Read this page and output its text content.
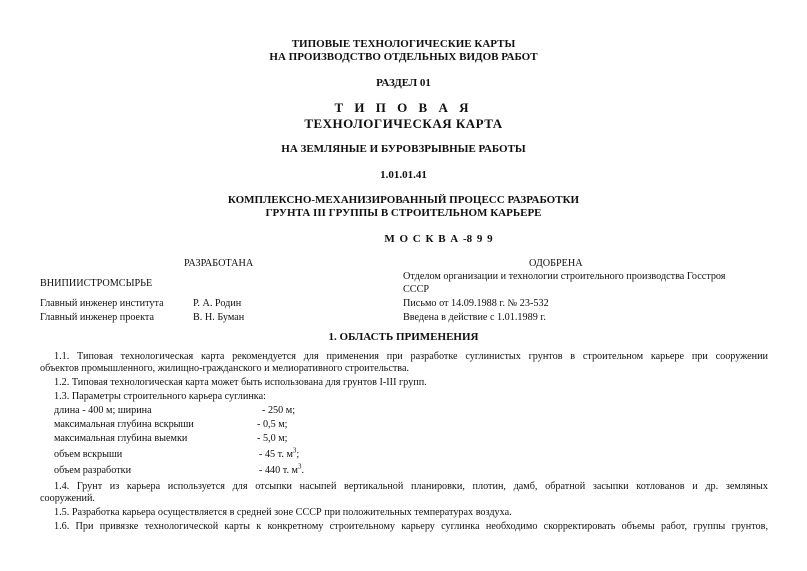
ТИПОВЫЕ ТЕХНОЛОГИЧЕСКИЕ КАРТЫ
НА ПРОИЗВОДСТВО ОТДЕЛЬНЫХ ВИДОВ РАБОТ
РАЗДЕЛ 01
Т И П О В А Я
ТЕХНОЛОГИЧЕСКАЯ КАРТА
НА ЗЕМЛЯНЫЕ И БУРОВЗРЫВНЫЕ РАБОТЫ
1.01.01.41
КОМПЛЕКСНО-МЕХАНИЗИРОВАННЫЙ ПРОЦЕСС РАЗРАБОТКИ
ГРУНТА III ГРУППЫ В СТРОИТЕЛЬНОМ КАРЬЕРЕ
М О С К В А -8 9 9
РАЗРАБОТАНА	ОДОБРЕНА
ВНИПИИСТРОМСЫРЬЕ
Отделом организации и технологии строительного производства Госстроя
СССР
Главный инженер института	Р. А. Родин	Письмо от 14.09.1988 г. № 23-532
Главный инженер проекта	В. Н. Буман	Введена в действие с 1.01.1989 г.
1. ОБЛАСТЬ ПРИМЕНЕНИЯ
1.1. Типовая технологическая карта рекомендуется для применения при разработке суглинистых грунтов в строительном карьере при сооружении
объектов промышленного, жилищно-гражданского и мелиоративного строительства.
1.2. Типовая технологическая карта может быть использована для грунтов I-III групп.
1.3. Параметры строительного карьера суглинка:
длина - 400 м; ширина	- 250 м;
максимальная глубина вскрыши	- 0,5 м;
максимальная глубина выемки	- 5,0 м;
объем вскрыши	- 45 т. $м^3$;
объем разработки	- 440 т. $м^3$.
1.4. Грунт из карьера используется для отсыпки насыпей вертикальной планировки, плотин, дамб, обратной засыпки котлованов и др. земляных
сооружений.
1.5. Разработка карьера осуществляется в средней зоне СССР при положительных температурах воздуха.
1.6. При привязке технологической карты к конкретному строительному карьеру суглинка необходимо скорректировать объемы работ, группы грунтов,
